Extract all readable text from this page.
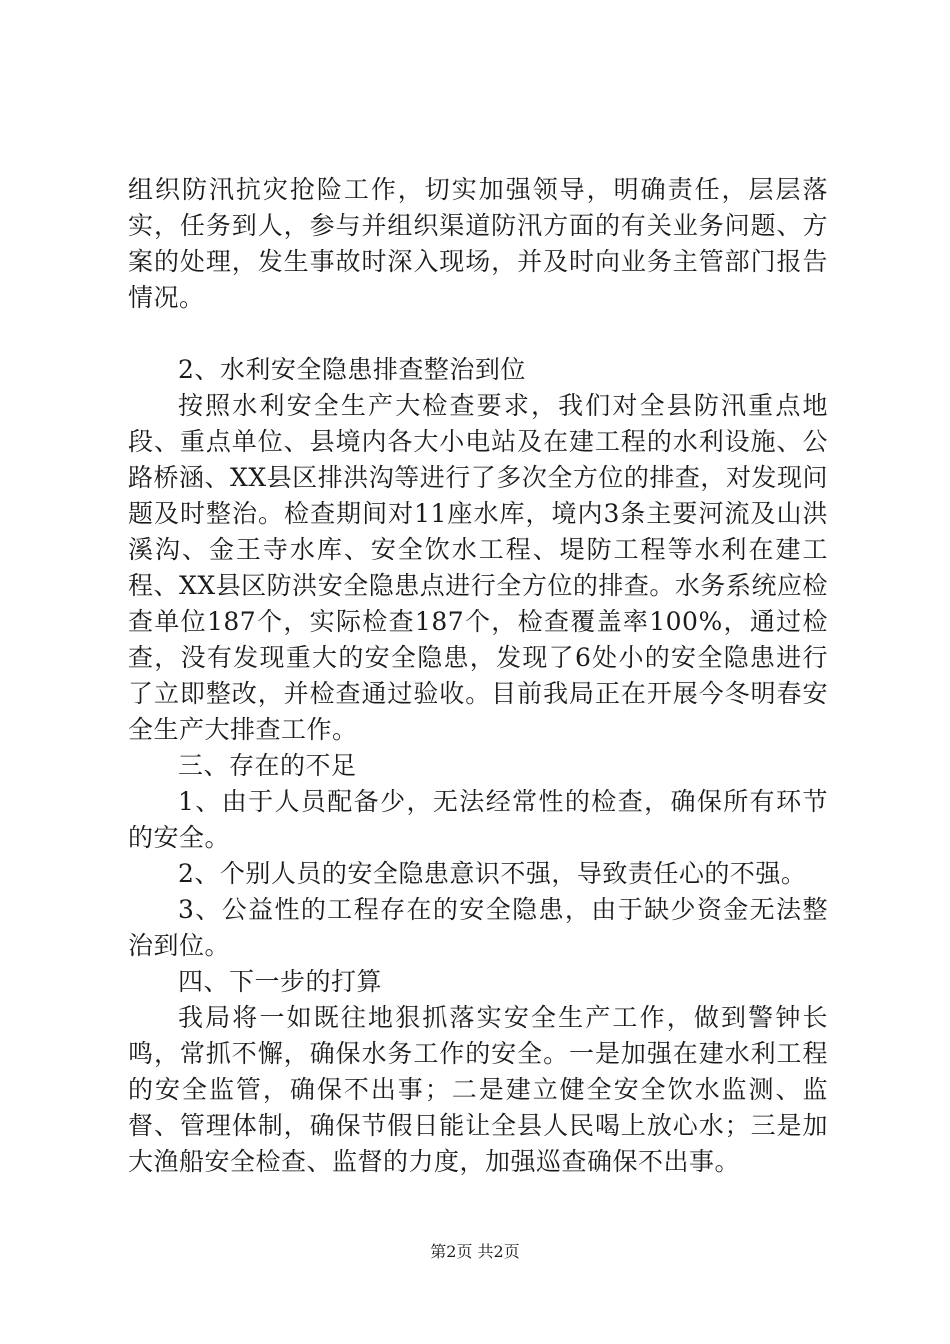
组织防汛抗灾抢险工作，切实加强领导，明确责任，层层落实，任务到人，参与并组织渠道防汛方面的有关业务问题、方案的处理，发生事故时深入现场，并及时向业务主管部门报告情况。

2、水利安全隐患排查整治到位

按照水利安全生产大检查要求，我们对全县防汛重点地段、重点单位、县境内各大小电站及在建工程的水利设施、公路桥涵、XX县区排洪沟等进行了多次全方位的排查，对发现问题及时整治。检查期间对11座水库，境内3条主要河流及山洪溪沟、金王寺水库、安全饮水工程、堤防工程等水利在建工程、XX县区防洪安全隐患点进行全方位的排查。水务系统应检查单位187个，实际检查187个，检查覆盖率100%，通过检查，没有发现重大的安全隐患，发现了6处小的安全隐患进行了立即整改，并检查通过验收。目前我局正在开展今冬明春安全生产大排查工作。

三、存在的不足

1、由于人员配备少，无法经常性的检查，确保所有环节的安全。

2、个别人员的安全隐患意识不强，导致责任心的不强。

3、公益性的工程存在的安全隐患，由于缺少资金无法整治到位。

四、下一步的打算

我局将一如既往地狠抓落实安全生产工作，做到警钟长鸣，常抓不懈，确保水务工作的安全。一是加强在建水利工程的安全监管，确保不出事；二是建立健全安全饮水监测、监督、管理体制，确保节假日能让全县人民喝上放心水；三是加大渔船安全检查、监督的力度，加强巡查确保不出事。

第2页 共2页
